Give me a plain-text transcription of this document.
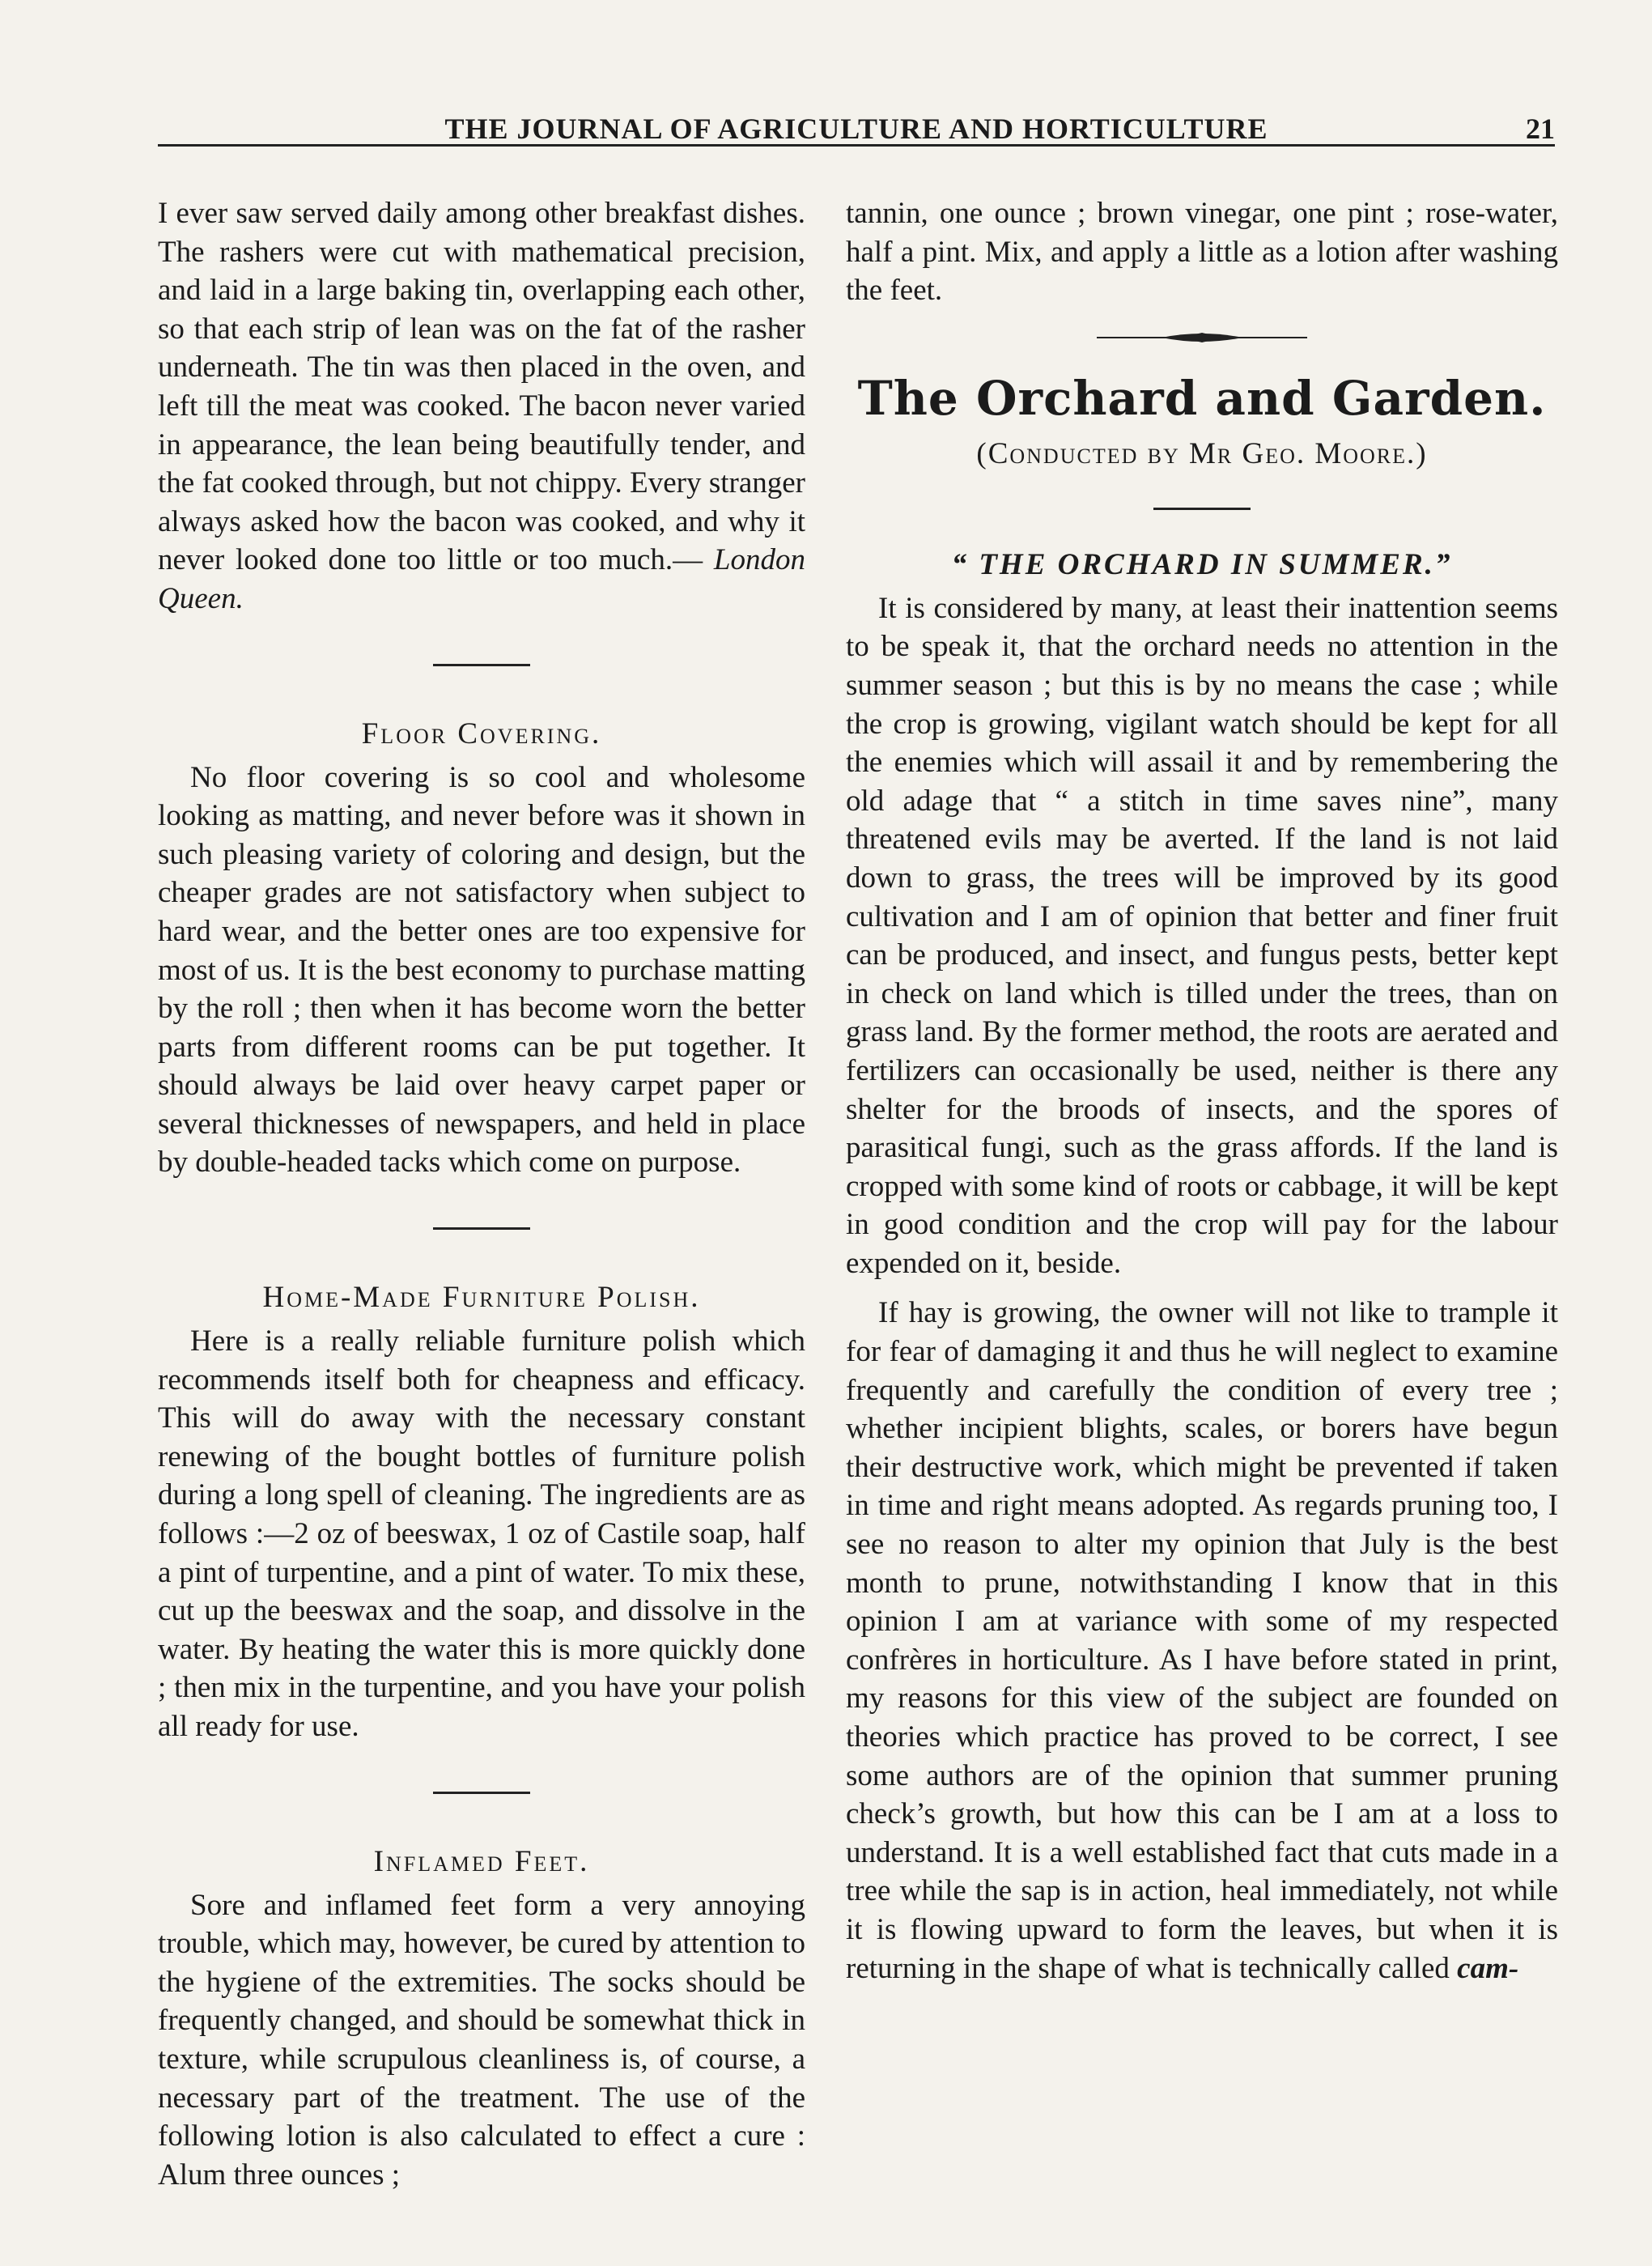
THE JOURNAL OF AGRICULTURE AND HORTICULTURE	21

I ever saw served daily among other breakfast dishes. The rashers were cut with mathematical precision, and laid in a large baking tin, overlapping each other, so that each strip of lean was on the fat of the rasher underneath. The tin was then placed in the oven, and left till the meat was cooked. The bacon never varied in appearance, the lean being beautifully tender, and the fat cooked through, but not chippy. Every stranger always asked how the bacon was cooked, and why it never looked done too little or too much.— London Queen.

Floor Covering.

No floor covering is so cool and wholesome looking as matting, and never before was it shown in such pleasing variety of coloring and design, but the cheaper grades are not satisfactory when subject to hard wear, and the better ones are too expensive for most of us. It is the best economy to purchase matting by the roll ; then when it has become worn the better parts from different rooms can be put together. It should always be laid over heavy carpet paper or several thicknesses of newspapers, and held in place by double-headed tacks which come on purpose.

Home-Made Furniture Polish.

Here is a really reliable furniture polish which recommends itself both for cheapness and efficacy. This will do away with the necessary constant renewing of the bought bottles of furniture polish during a long spell of cleaning. The ingredients are as follows :—2 oz of beeswax, 1 oz of Castile soap, half a pint of turpentine, and a pint of water. To mix these, cut up the beeswax and the soap, and dissolve in the water. By heating the water this is more quickly done ; then mix in the turpentine, and you have your polish all ready for use.

Inflamed Feet.

Sore and inflamed feet form a very annoying trouble, which may, however, be cured by attention to the hygiene of the extremities. The socks should be frequently changed, and should be somewhat thick in texture, while scrupulous cleanliness is, of course, a necessary part of the treatment. The use of the following lotion is also calculated to effect a cure : Alum three ounces ;

tannin, one ounce ; brown vinegar, one pint ; rose-water, half a pint. Mix, and apply a little as a lotion after washing the feet.

The Orchard and Garden.
(Conducted by Mr Geo. Moore.)
“ THE ORCHARD IN SUMMER.”

It is considered by many, at least their inattention seems to be speak it, that the orchard needs no attention in the summer season ; but this is by no means the case ; while the crop is growing, vigilant watch should be kept for all the enemies which will assail it and by remembering the old adage that “ a stitch in time saves nine”, many threatened evils may be averted. If the land is not laid down to grass, the trees will be improved by its good cultivation and I am of opinion that better and finer fruit can be produced, and insect, and fungus pests, better kept in check on land which is tilled under the trees, than on grass land. By the former method, the roots are aerated and fertilizers can occasionally be used, neither is there any shelter for the broods of insects, and the spores of parasitical fungi, such as the grass affords. If the land is cropped with some kind of roots or cabbage, it will be kept in good condition and the crop will pay for the labour expended on it, beside.

If hay is growing, the owner will not like to trample it for fear of damaging it and thus he will neglect to examine frequently and carefully the condition of every tree ; whether incipient blights, scales, or borers have begun their destructive work, which might be prevented if taken in time and right means adopted. As regards pruning too, I see no reason to alter my opinion that July is the best month to prune, notwithstanding I know that in this opinion I am at variance with some of my respected confrères in horticulture. As I have before stated in print, my reasons for this view of the subject are founded on theories which practice has proved to be correct, I see some authors are of the opinion that summer pruning check’s growth, but how this can be I am at a loss to understand. It is a well established fact that cuts made in a tree while the sap is in action, heal immediately, not while it is flowing upward to form the leaves, but when it is returning in the shape of what is technically called cam-
